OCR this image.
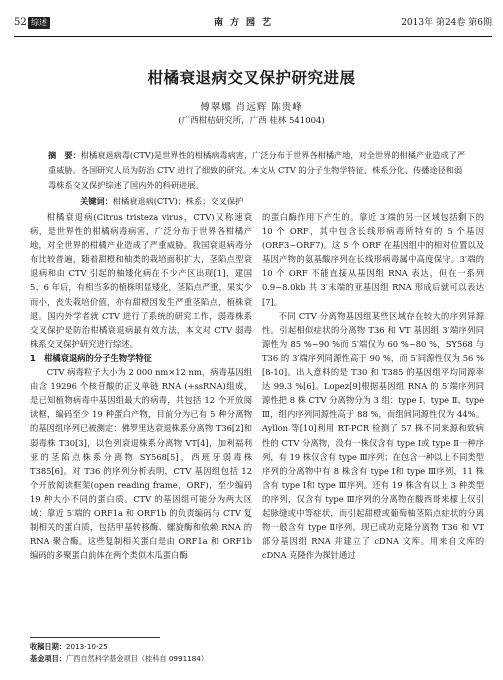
52 综述	南方园艺	2013年 第24卷 第6期
柑橘衰退病交叉保护研究进展
傅翠娜 肖远辉 陈贵峰
(广西柑桔研究所，广西 桂林 541004)
摘　要：柑橘衰退病毒(CTV)是世界性的柑橘病毒病害，广泛分布于世界各柑橘产地，对全世界的柑橘产业造成了严重威胁。各国研究人员为防治 CTV 进行了细致的研究。本文从 CTV 的分子生物学特征、株系分化、传播途径和弱毒株系交叉保护综述了国内外的科研进展。
关键词：柑橘衰退病(CTV)；株系；交叉保护

柑橘衰退病(Citrus tristeza virus，CTV)又称速衰病，是世界性的柑橘病毒病害，广泛分布于世界各柑橘产地，对全世界的柑橘产业造成了严重威胁。我国衰退病毒分布比较普遍，随着甜橙和柚类的栽培面积扩大，茎陷点型衰退病和由 CTV 引起的柚矮化病在不少产区出现[1]，建国 5、6 年后，有相当多的植株明显矮化，茎陷点严重，果实少而小，丧失栽培价值，亦有甜橙因发生严重茎陷点，植株衰退。国内外学者就 CTV 进行了系统的研究工作，弱毒株系交叉保护是防治柑橘衰退病最有效方法，本文对 CTV 弱毒株系交叉保护研究进行综述。

1　柑橘衰退病的分子生物学特征

CTV 病毒粒子大小为 2 000 nm×12 nm，病毒基因组由含 19296 个核苷酸的正义单链 RNA (+ssRNA)组成，是已知植物病毒中基因组最大的病毒，共包括 12 个开放阅读框，编码至少 19 种蛋白产物，目前分为已有 5 种分离物的基因组序列已被测定：佛罗里达衰退株系分离物 T36[2]和弱毒株 T30[3]，以色列衰退株系分离物 VT[4]，加利福利亚的茎陷点株系分离物 SY568[5]，西班牙弱毒株 T385[6]。对 T36 的序列分析表明，CTV 基因组包括 12 个开放阅读框架(open reading frame，ORF)，至少编码 19 种大小不同的蛋白质。CTV 的基因组可能分为两大区域：靠近 5′端的 ORF1a 和 ORF1b 的负责编码与 CTV 复制相关的蛋白质，包括甲基转移酶、螺旋酶和依赖 RNA 的 RNA 聚合酶。这些复制相关蛋白是由 ORF1a 和 ORF1b 编码的多聚蛋白前体在两个类似木瓜蛋白酶

的蛋白酶作用下产生的。靠近 3′端的另一区域包括剩下的 10 个 ORF，其中包含长线形病毒所特有的 5 个基因(ORF3~ORF7)。这 5 个 ORF 在基因组中的相对位置以及基因产物的氨基酸序列在长线形病毒属中高度保守。3′端的 10 个 ORF 不能直接从基因组 RNA 表达，但在一系列 0.9~8.0kb 共 3′末端的亚基因组 RNA 形成后就可以表达[7]。

不同 CTV 分离物基因组某些区域存在较大的序列异源性。引起相似症状的分离物 T36 和 VT 基因组 3′端序列同源性为 85 %~90 %而 5′端仅为 60 %~80 %，SY568 与 T36 的 3′端序列同源性高于 90 %，而 5′同源性仅为 56 %[8-10]。出人意料的是 T30 和 T385 的基因组平均同源率达 99.3 %[6]。Lopez[9]根据基因组 RNA 的 5′端序列同源性把 8 株 CTV 分离物分为 3 组：type Ⅰ、type Ⅱ、type Ⅲ，组内序列同源性高于 88 %，而组间同源性仅为 44%。Ayllon 等[10]利用 RT-PCR 检测了 57 株不同来源和致病性的 CTV 分离物，没有一株仅含有 type Ⅰ或 type Ⅱ一种序列，有 19 株仅含有 type Ⅲ序列；在包含一种以上不同类型序列的分离物中有 8 株含有 type Ⅰ和 type Ⅲ序列，11 株含有 type Ⅰ和 type Ⅲ序列。还有 19 株含有以上 3 种类型的序列，仅含有 type Ⅲ序列的分离物在酸西哥来檬上仅引起脉缝或中等症状，而引起甜橙或葡萄柚茎陷点症状的分离物一般含有 type Ⅱ序列。现已成功克隆分离物 T36 和 VT 部分基因组 RNA 并建立了 cDNA 文库。用来自文库的 cDNA 克隆作为探针通过

收稿日期：2013-10-25
基金项目：广西自然科学基金项目（桂科自 0991184）
